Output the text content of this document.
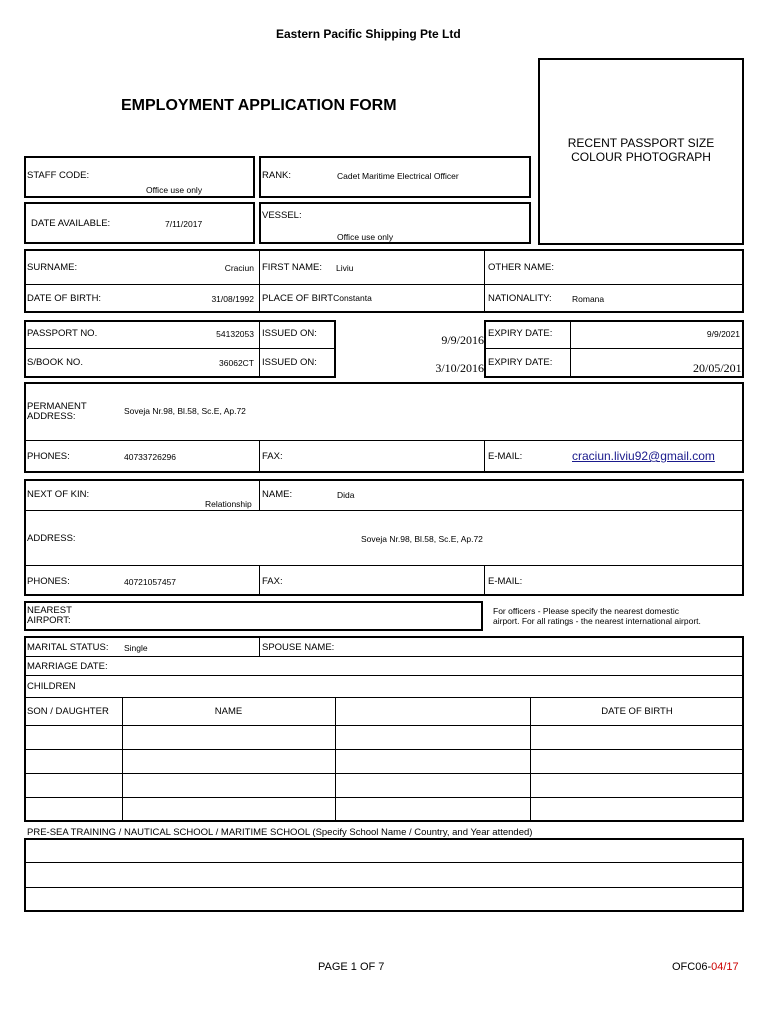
Eastern Pacific Shipping Pte Ltd
EMPLOYMENT APPLICATION FORM
RECENT PASSPORT SIZE
COLOUR PHOTOGRAPH
STAFF CODE:
Office use only
RANK:	Cadet Maritime Electrical Officer
DATE AVAILABLE:	7/11/2017
VESSEL:
Office use only
SURNAME:	Craciun FIRST NAME: Liviu	OTHER NAME:
DATE OF BIRTH:	31/08/1992 PLACE OF BIRTConstanta	NATIONALITY: Romana
PASSPORT NO.	54132053 ISSUED ON:	9/9/2016 EXPIRY DATE:	9/9/2021
S/BOOK NO.	36062CT ISSUED ON:	3/10/2016 EXPIRY DATE:	20/05/201
PERMANENT
ADDRESS:	Soveja Nr.98, Bl.58, Sc.E, Ap.72
PHONES:	40733726296	FAX:	E-MAIL:	craciun.liviu92@gmail.com
NEXT OF KIN:
Relationship
NAME:	Dida
ADDRESS:	Soveja Nr.98, Bl.58, Sc.E, Ap.72
PHONES:	40721057457	FAX:	E-MAIL:
NEAREST
AIRPORT:
For officers - Please specify the nearest domestic
airport. For all ratings - the nearest international airport.
MARITAL STATUS: Single	SPOUSE NAME:
MARRIAGE DATE:
CHILDREN
SON / DAUGHTER	NAME	DATE OF BIRTH
PRE-SEA TRAINING / NAUTICAL SCHOOL / MARITIME SCHOOL (Specify School Name / Country, and Year attended)
PAGE 1 OF 7	OFC06-04/17
